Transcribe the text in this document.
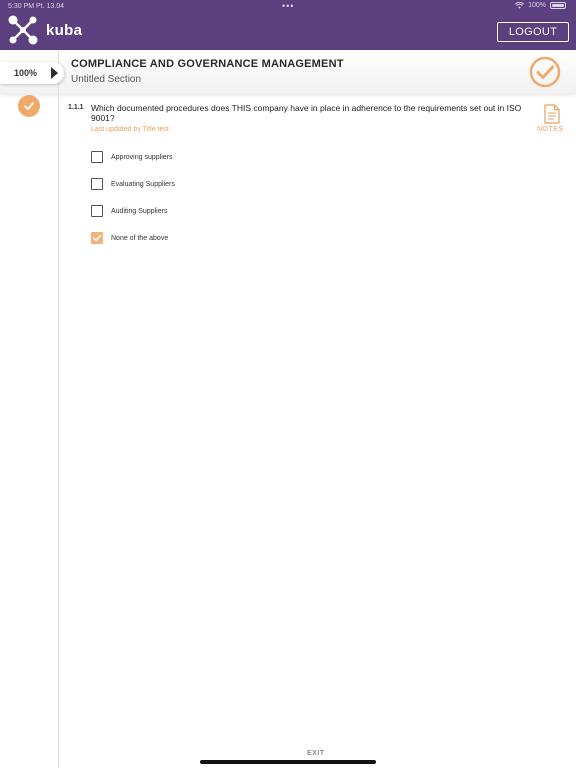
5:30 PM Pt. 13.04	•••	100%
kuba	LOGOUT
100%
COMPLIANCE AND GOVERNANCE MANAGEMENT
Untitled Section
1.1.1 Which documented procedures does THIS company have in place in adherence to the requirements set out in ISO 9001?
Last updated by Title test	NOTES
Approving suppliers
Evaluating Suppliers
Auditing Suppliers
None of the above
EXIT
